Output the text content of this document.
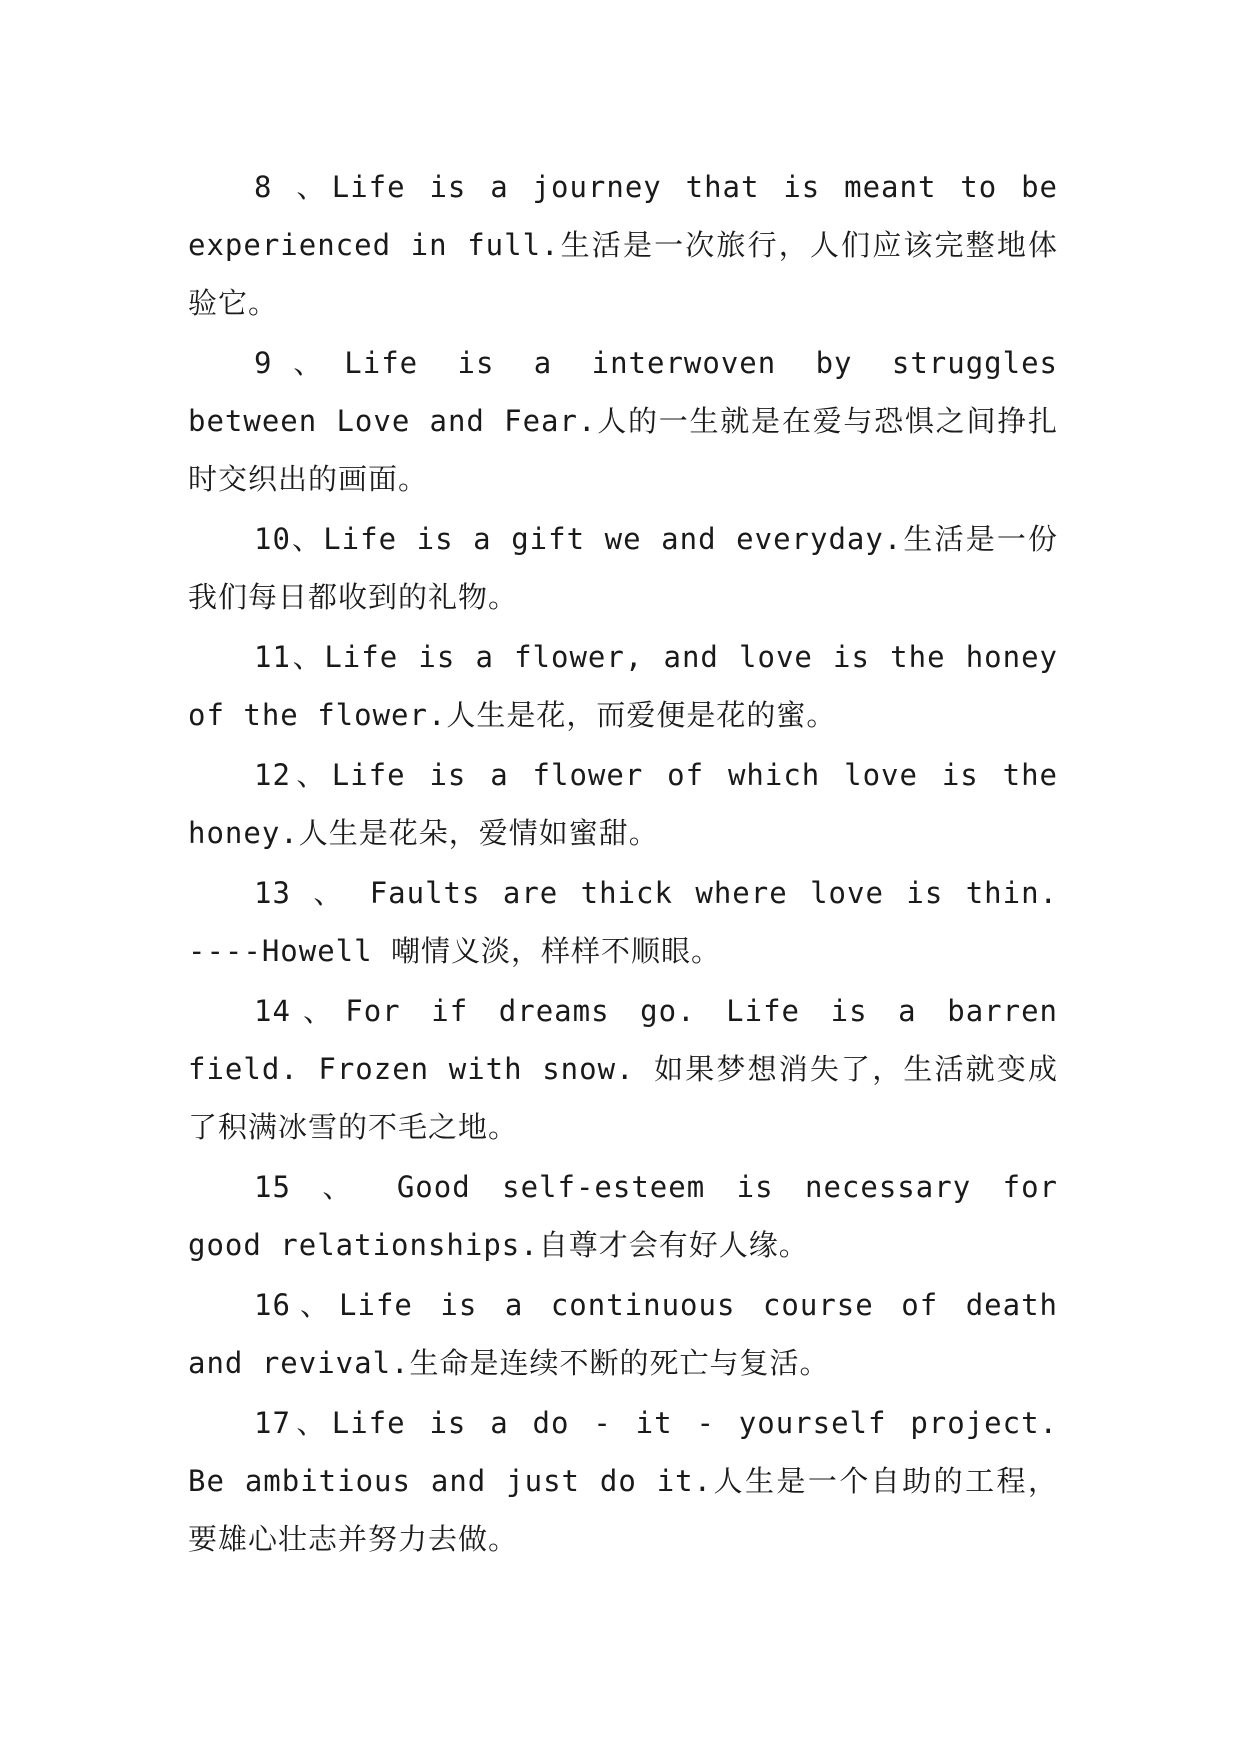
8 、Life is a journey that is meant to be experienced in full.生活是一次旅行，人们应该完整地体验它。

9、Life is a interwoven by struggles between Love and Fear.人的一生就是在爱与恐惧之间挣扎时交织出的画面。

10、Life is a gift we and everyday.生活是一份我们每日都收到的礼物。

11、Life is a flower, and love is the honey of the flower.人生是花，而爱便是花的蜜。

12、Life is a flower of which love is the honey.人生是花朵，爱情如蜜甜。

13 、 Faults are thick where love is thin. ----Howell 嘲情义淡，样样不顺眼。

14、For if dreams go. Life is a barren field. Frozen with snow. 如果梦想消失了，生活就变成了积满冰雪的不毛之地。

15 、 Good self-esteem is necessary for good relationships.自尊才会有好人缘。

16、Life is a continuous course of death and revival.生命是连续不断的死亡与复活。

17、Life is a do - it - yourself project. Be ambitious and just do it.人生是一个自助的工程，要雄心壮志并努力去做。
